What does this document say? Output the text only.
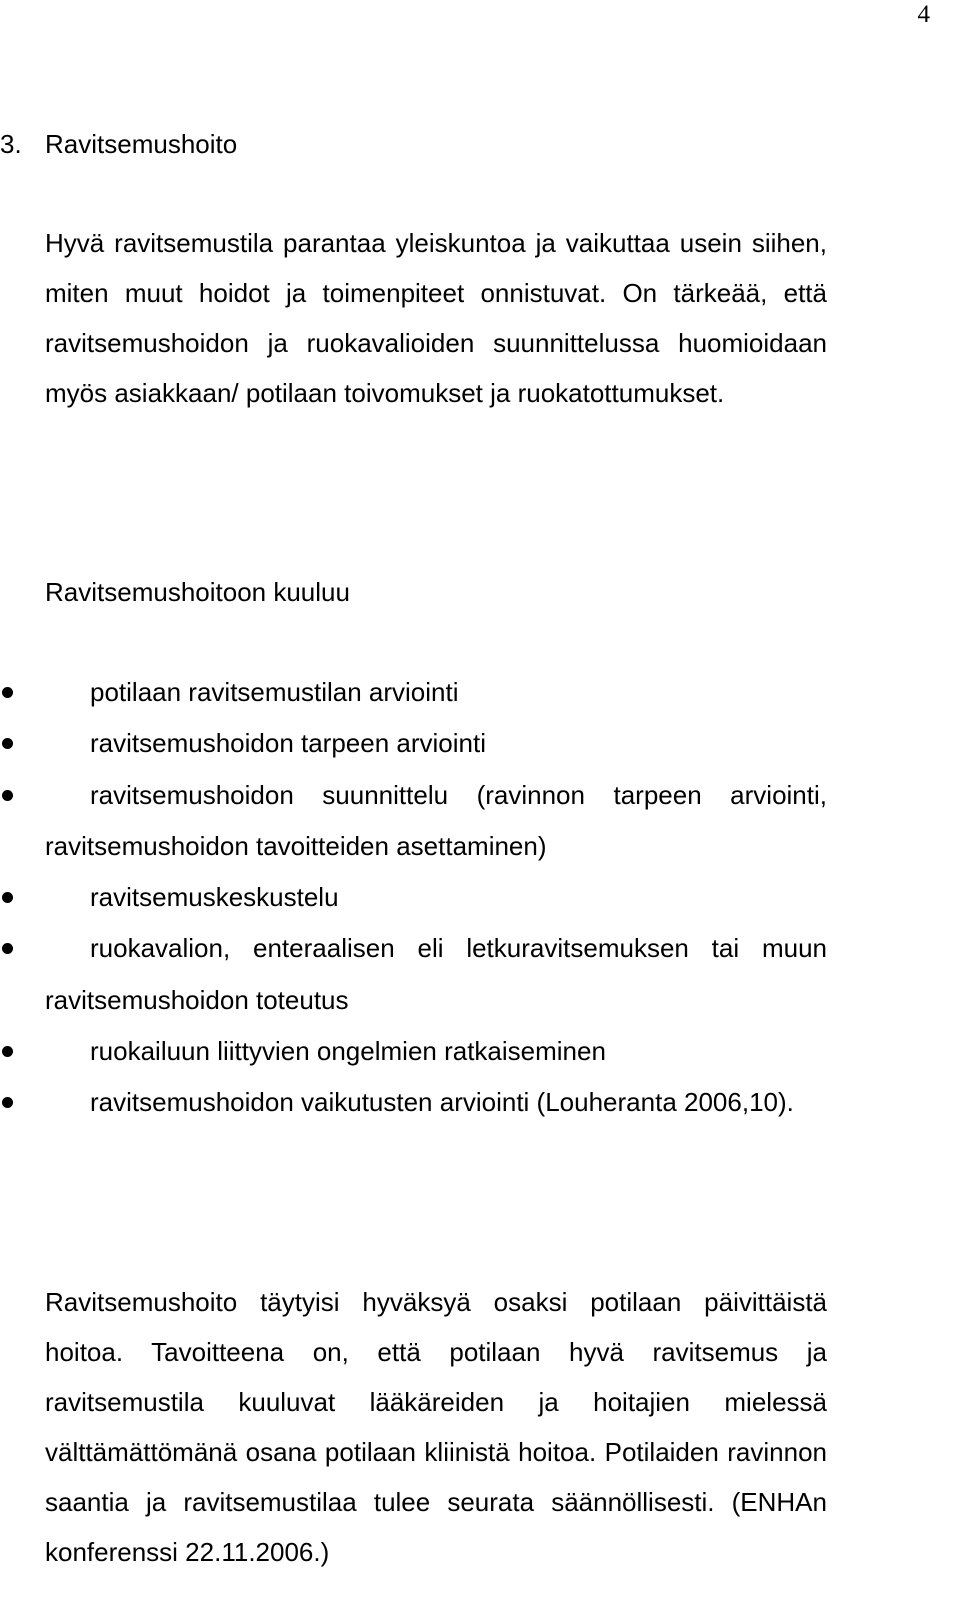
4
3. Ravitsemushoito

Hyvä ravitsemustila parantaa yleiskuntoa ja vaikuttaa usein siihen, miten muut hoidot ja toimenpiteet onnistuvat. On tärkeää, että ravitsemushoidon ja ruokavalioiden suunnittelussa huomioidaan myös asiakkaan/ potilaan toivomukset ja ruokatottumukset.

Ravitsemushoitoon kuuluu

potilaan ravitsemustilan arviointi
ravitsemushoidon tarpeen arviointi
ravitsemushoidon suunnittelu (ravinnon tarpeen arviointi, ravitsemushoidon tavoitteiden asettaminen)
ravitsemuskeskustelu
ruokavalion, enteraalisen eli letkuravitsemuksen tai muun ravitsemushoidon toteutus
ruokailuun liittyvien ongelmien ratkaiseminen
ravitsemushoidon vaikutusten arviointi (Louheranta 2006,10).

Ravitsemushoito täytyisi hyväksyä osaksi potilaan päivittäistä hoitoa. Tavoitteena on, että potilaan hyvä ravitsemus ja ravitsemustila kuuluvat lääkäreiden ja hoitajien mielessä välttämättömänä osana potilaan kliinistä hoitoa. Potilaiden ravinnon saantia ja ravitsemustilaa tulee seurata säännöllisesti. (ENHAn konferenssi 22.11.2006.)
